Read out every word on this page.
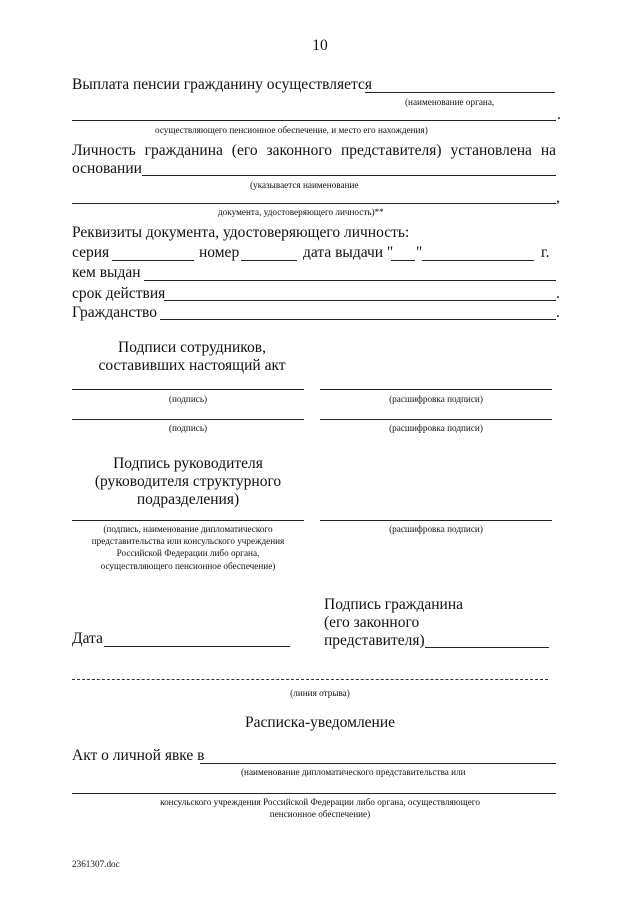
10
Выплата пенсии гражданину осуществляется
(наименование органа,
.
осуществляющего пенсионное обеспечение, и место его нахождения)
Личность гражданина (его законного представителя) установлена на
основании
(указывается наименование
,
документа, удостоверяющего личность)**
Реквизиты документа, удостоверяющего личность:
серия	номер	дата выдачи " "	г.
кем выдан
срок действия	.
Гражданство	.
Подписи сотрудников,
составивших настоящий акт
(подпись)	(расшифровка подписи)
(подпись)	(расшифровка подписи)
Подпись руководителя
(руководителя структурного
подразделения)
(подпись, наименование дипломатического
представительства или консульского учреждения
Российской Федерации либо органа,
осуществляющего пенсионное обеспечение)
(расшифровка подписи)
Подпись гражданина
(его законного
представителя)
Дата
(линия отрыва)
Расписка-уведомление
Акт о личной явке в
(наименование дипломатического представительства или
консульского учреждения Российской Федерации либо органа, осуществляющего
пенсионное обеспечение)
2361307.doc
